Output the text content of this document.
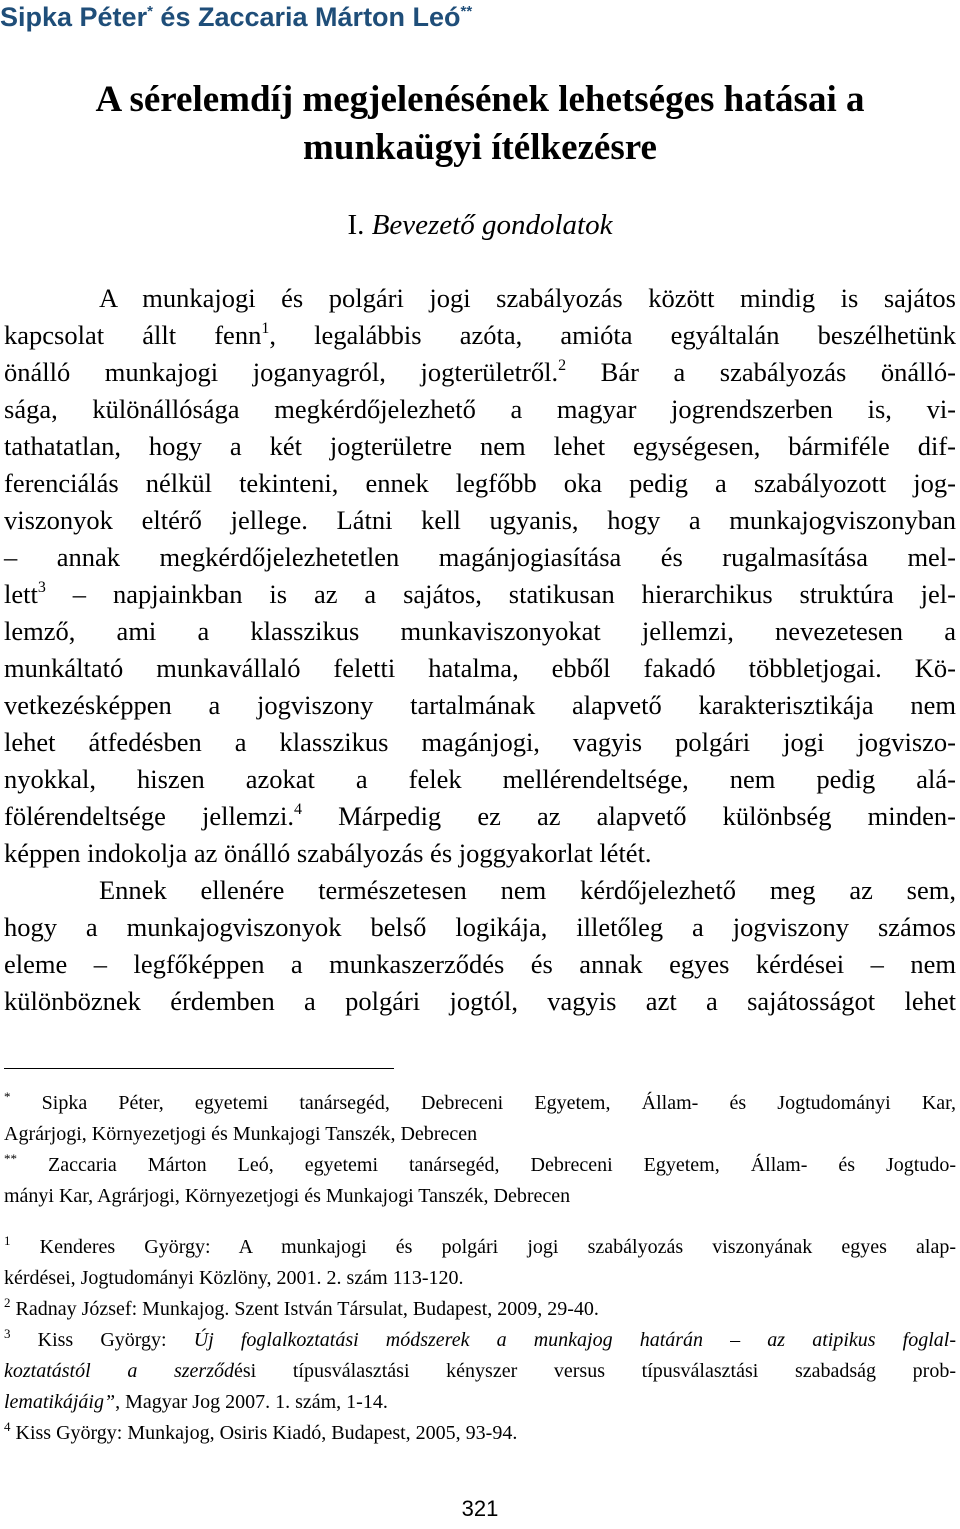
Sipka Péter* és Zaccaria Márton Leó**
A sérelemdíj megjelenésének lehetséges hatásai a
munkaügyi ítélkezésre
I. Bevezető gondolatok
A munkajogi és polgári jogi szabályozás között mindig is sajátos
kapcsolat állt fenn$^1$, legalábbis azóta, amióta egyáltalán beszélhetünk
önálló munkajogi joganyagról, jogterületről.$^2$ Bár a szabályozás önálló-
sága, különállósága megkérdőjelezhető a magyar jogrendszerben is, vi-
tathatatlan, hogy a két jogterületre nem lehet egységesen, bármiféle dif-
ferenciálás nélkül tekinteni, ennek legfőbb oka pedig a szabályozott jog-
viszonyok eltérő jellege. Látni kell ugyanis, hogy a munkajogviszonyban
– annak megkérdőjelezhetetlen magánjogiasítása és rugalmasítása mel-
lett$^3$ – napjainkban is az a sajátos, statikusan hierarchikus struktúra jel-
lemző, ami a klasszikus munkaviszonyokat jellemzi, nevezetesen a
munkáltató munkavállaló feletti hatalma, ebből fakadó többletjogai. Kö-
vetkezésképpen a jogviszony tartalmának alapvető karakterisztikája nem
lehet átfedésben a klasszikus magánjogi, vagyis polgári jogi jogviszo-
nyokkal, hiszen azokat a felek mellérendeltsége, nem pedig alá-
fölérendeltsége jellemzi.$^4$ Márpedig ez az alapvető különbség minden-
képpen indokolja az önálló szabályozás és joggyakorlat létét.
Ennek ellenére természetesen nem kérdőjelezhető meg az sem,
hogy a munkajogviszonyok belső logikája, illetőleg a jogviszony számos
eleme – legfőképpen a munkaszerződés és annak egyes kérdései – nem
különböznek érdemben a polgári jogtól, vagyis azt a sajátosságot lehet
* Sipka Péter, egyetemi tanársegéd, Debreceni Egyetem, Állam- és Jogtudományi Kar,
Agrárjogi, Környezetjogi és Munkajogi Tanszék, Debrecen
** Zaccaria Márton Leó, egyetemi tanársegéd, Debreceni Egyetem, Állam- és Jogtudo-
mányi Kar, Agrárjogi, Környezetjogi és Munkajogi Tanszék, Debrecen
$^1$ Kenderes György: A munkajogi és polgári jogi szabályozás viszonyának egyes alap-
kérdései, Jogtudományi Közlöny, 2001. 2. szám 113-120.
$^2$ Radnay József: Munkajog. Szent István Társulat, Budapest, 2009, 29-40.
$^3$ Kiss György: Új foglalkoztatási módszerek a munkajog határán – az atipikus foglal-
koztatástól a szerződési típusválasztási kényszer versus típusválasztási szabadság prob-
lematikájáig”, Magyar Jog 2007. 1. szám, 1-14.
$^4$ Kiss György: Munkajog, Osiris Kiadó, Budapest, 2005, 93-94.
321
